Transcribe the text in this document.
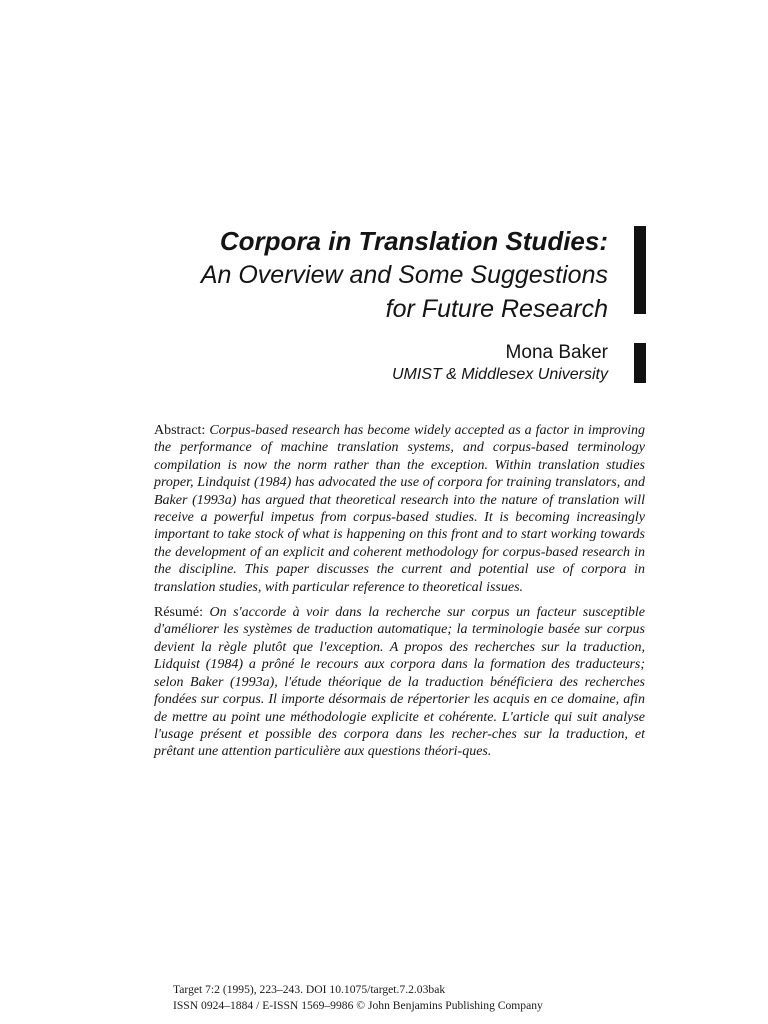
Corpora in Translation Studies:
An Overview and Some Suggestions
for Future Research
Mona Baker
UMIST & Middlesex University

Abstract: Corpus-based research has become widely accepted as a factor in improving the performance of machine translation systems, and corpus-based terminology compilation is now the norm rather than the exception. Within translation studies proper, Lindquist (1984) has advocated the use of corpora for training translators, and Baker (1993a) has argued that theoretical research into the nature of translation will receive a powerful impetus from corpus-based studies. It is becoming increasingly important to take stock of what is happening on this front and to start working towards the development of an explicit and coherent methodology for corpus-based research in the discipline. This paper discusses the current and potential use of corpora in translation studies, with particular reference to theoretical issues.

Résumé: On s'accorde à voir dans la recherche sur corpus un facteur susceptible d'améliorer les systèmes de traduction automatique; la terminologie basée sur corpus devient la règle plutôt que l'exception. A propos des recherches sur la traduction, Lidquist (1984) a prôné le recours aux corpora dans la formation des traducteurs; selon Baker (1993a), l'étude théorique de la traduction bénéficiera des recherches fondées sur corpus. Il importe désormais de répertorier les acquis en ce domaine, afin de mettre au point une méthodologie explicite et cohérente. L'article qui suit analyse l'usage présent et possible des corpora dans les recher-ches sur la traduction, et prêtant une attention particulière aux questions théori-ques.

Target 7:2 (1995), 223–243. DOI 10.1075/target.7.2.03bak
ISSN 0924–1884 / E-ISSN 1569–9986 © John Benjamins Publishing Company
